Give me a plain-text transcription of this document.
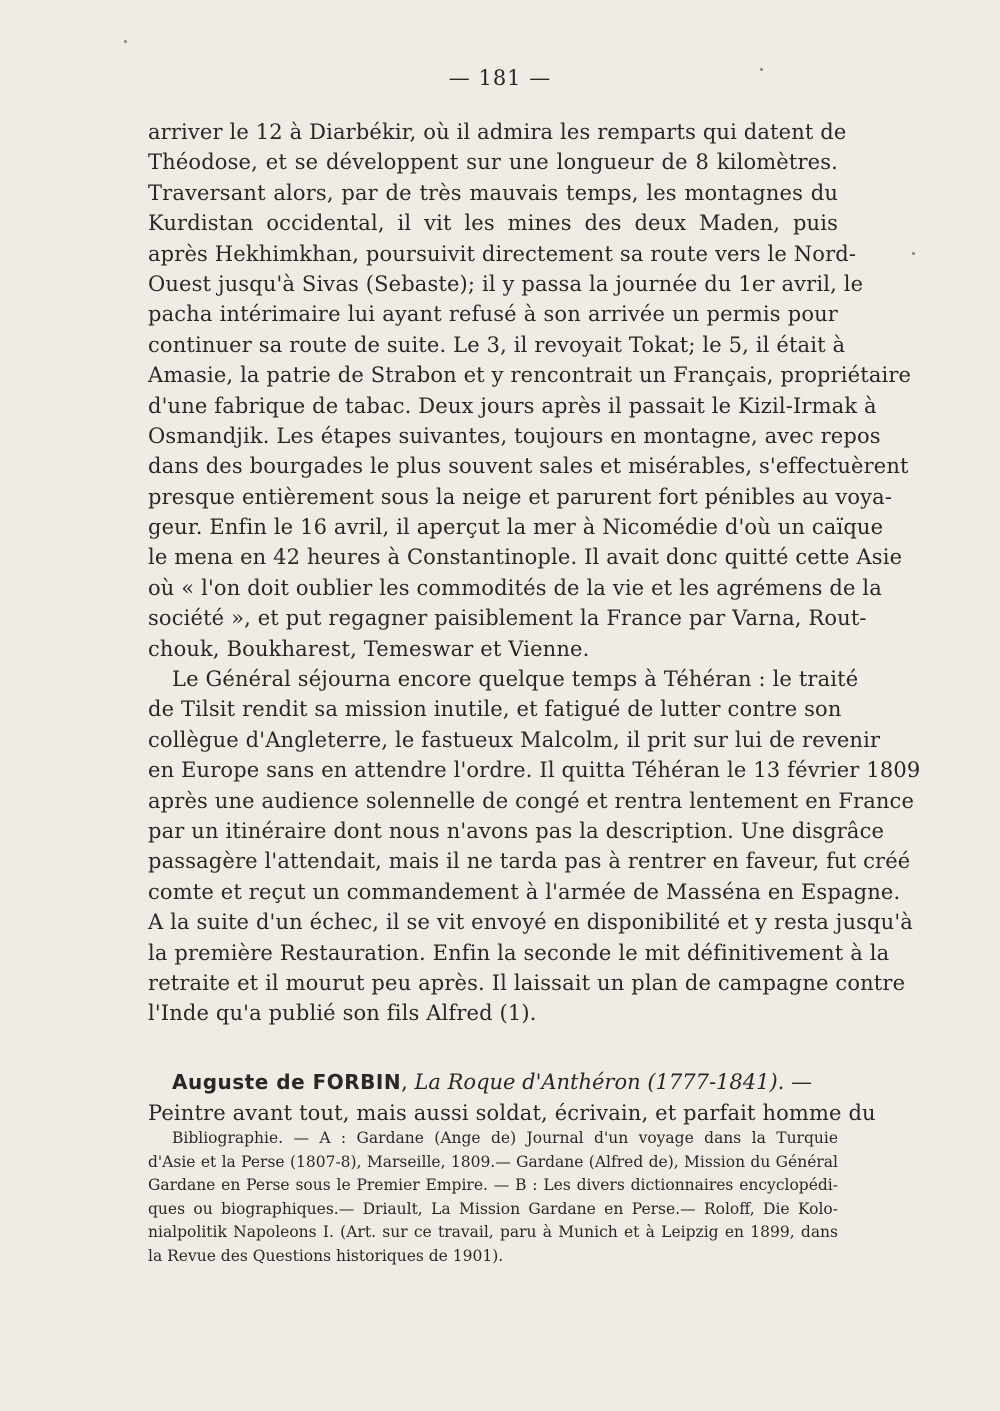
— 181 —
arriver le 12 à Diarbékir, où il admira les remparts qui datent de
Théodose, et se développent sur une longueur de 8 kilomètres.
Traversant alors, par de très mauvais temps, les montagnes du
Kurdistan occidental, il vit les mines des deux Maden, puis
après Hekhimkhan, poursuivit directement sa route vers le Nord-
Ouest jusqu'à Sivas (Sebaste); il y passa la journée du 1er avril, le
pacha intérimaire lui ayant refusé à son arrivée un permis pour
continuer sa route de suite. Le 3, il revoyait Tokat; le 5, il était à
Amasie, la patrie de Strabon et y rencontrait un Français, propriétaire
d'une fabrique de tabac. Deux jours après il passait le Kizil-Irmak à
Osmandjik. Les étapes suivantes, toujours en montagne, avec repos
dans des bourgades le plus souvent sales et misérables, s'effectuèrent
presque entièrement sous la neige et parurent fort pénibles au voya-
geur. Enfin le 16 avril, il aperçut la mer à Nicomédie d'où un caïque
le mena en 42 heures à Constantinople. Il avait donc quitté cette Asie
où « l'on doit oublier les commodités de la vie et les agrémens de la
société », et put regagner paisiblement la France par Varna, Rout-
chouk, Boukharest, Temeswar et Vienne.
Le Général séjourna encore quelque temps à Téhéran : le traité
de Tilsit rendit sa mission inutile, et fatigué de lutter contre son
collègue d'Angleterre, le fastueux Malcolm, il prit sur lui de revenir
en Europe sans en attendre l'ordre. Il quitta Téhéran le 13 février 1809
après une audience solennelle de congé et rentra lentement en France
par un itinéraire dont nous n'avons pas la description. Une disgrâce
passagère l'attendait, mais il ne tarda pas à rentrer en faveur, fut créé
comte et reçut un commandement à l'armée de Masséna en Espagne.
A la suite d'un échec, il se vit envoyé en disponibilité et y resta jusqu'à
la première Restauration. Enfin la seconde le mit définitivement à la
retraite et il mourut peu après. Il laissait un plan de campagne contre
l'Inde qu'a publié son fils Alfred (1).
Auguste de FORBIN, La Roque d'Anthéron (1777-1841). —
Peintre avant tout, mais aussi soldat, écrivain, et parfait homme du
Bibliographie. — A : Gardane (Ange de) Journal d'un voyage dans la Turquie
d'Asie et la Perse (1807-8), Marseille, 1809.— Gardane (Alfred de), Mission du Général
Gardane en Perse sous le Premier Empire. — B : Les divers dictionnaires encyclopédi-
ques ou biographiques.— Driault, La Mission Gardane en Perse.— Roloff, Die Kolo-
nialpolitik Napoleons I. (Art. sur ce travail, paru à Munich et à Leipzig en 1899, dans
la Revue des Questions historiques de 1901).
